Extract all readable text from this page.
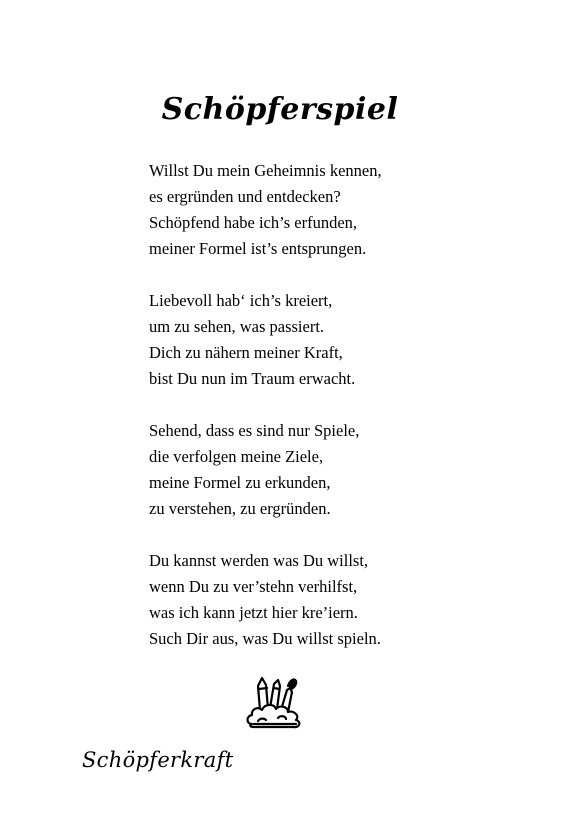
Schöpferspiel
Willst Du mein Geheimnis kennen,
es ergründen und entdecken?
Schöpfend habe ich’s erfunden,
meiner Formel ist’s entsprungen.
Liebevoll hab‘ ich’s kreiert,
um zu sehen, was passiert.
Dich zu nähern meiner Kraft,
bist Du nun im Traum erwacht.
Sehend, dass es sind nur Spiele,
die verfolgen meine Ziele,
meine Formel zu erkunden,
zu verstehen, zu ergründen.
Du kannst werden was Du willst,
wenn Du zu ver’stehn verhilfst,
was ich kann jetzt hier kre’iern.
Such Dir aus, was Du willst spieln.
Schöpferkraft
